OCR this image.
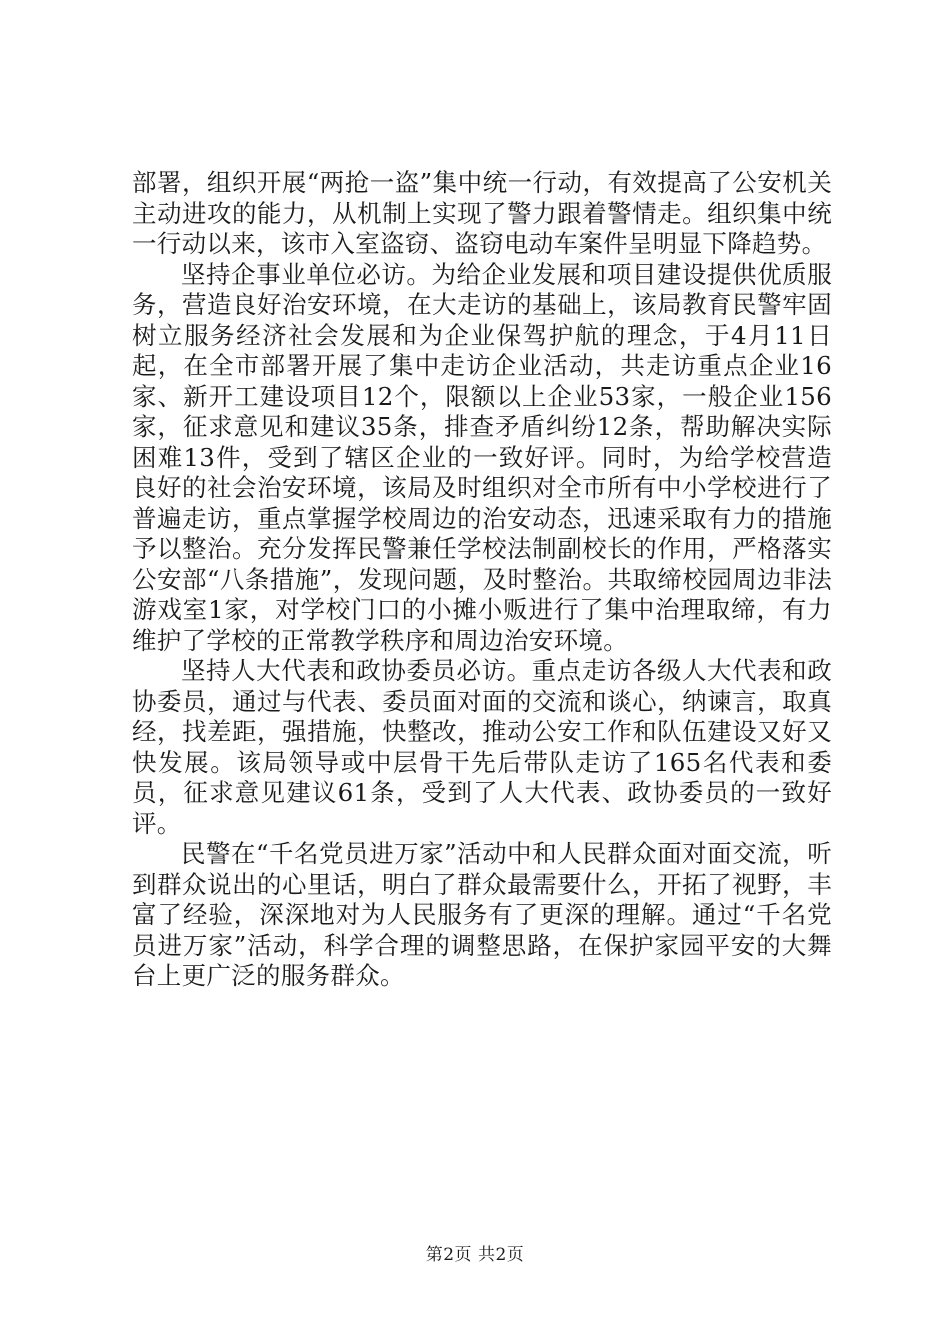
部署，组织开展“两抢一盗”集中统一行动，有效提高了公安机关主动进攻的能力，从机制上实现了警力跟着警情走。组织集中统一行动以来，该市入室盗窃、盗窃电动车案件呈明显下降趋势。

坚持企事业单位必访。为给企业发展和项目建设提供优质服务，营造良好治安环境，在大走访的基础上，该局教育民警牢固树立服务经济社会发展和为企业保驾护航的理念，于4月11日起，在全市部署开展了集中走访企业活动，共走访重点企业16家、新开工建设项目12个，限额以上企业53家，一般企业156家，征求意见和建议35条，排查矛盾纠纷12条，帮助解决实际困难13件，受到了辖区企业的一致好评。同时，为给学校营造良好的社会治安环境，该局及时组织对全市所有中小学校进行了普遍走访，重点掌握学校周边的治安动态，迅速采取有力的措施予以整治。充分发挥民警兼任学校法制副校长的作用，严格落实公安部“八条措施”，发现问题，及时整治。共取缔校园周边非法游戏室1家，对学校门口的小摊小贩进行了集中治理取缔，有力维护了学校的正常教学秩序和周边治安环境。

坚持人大代表和政协委员必访。重点走访各级人大代表和政协委员，通过与代表、委员面对面的交流和谈心，纳谏言，取真经，找差距，强措施，快整改，推动公安工作和队伍建设又好又快发展。该局领导或中层骨干先后带队走访了165名代表和委员，征求意见建议61条，受到了人大代表、政协委员的一致好评。

民警在“千名党员进万家”活动中和人民群众面对面交流，听到群众说出的心里话，明白了群众最需要什么，开拓了视野，丰富了经验，深深地对为人民服务有了更深的理解。通过“千名党员进万家”活动，科学合理的调整思路，在保护家园平安的大舞台上更广泛的服务群众。

第2页 共2页
